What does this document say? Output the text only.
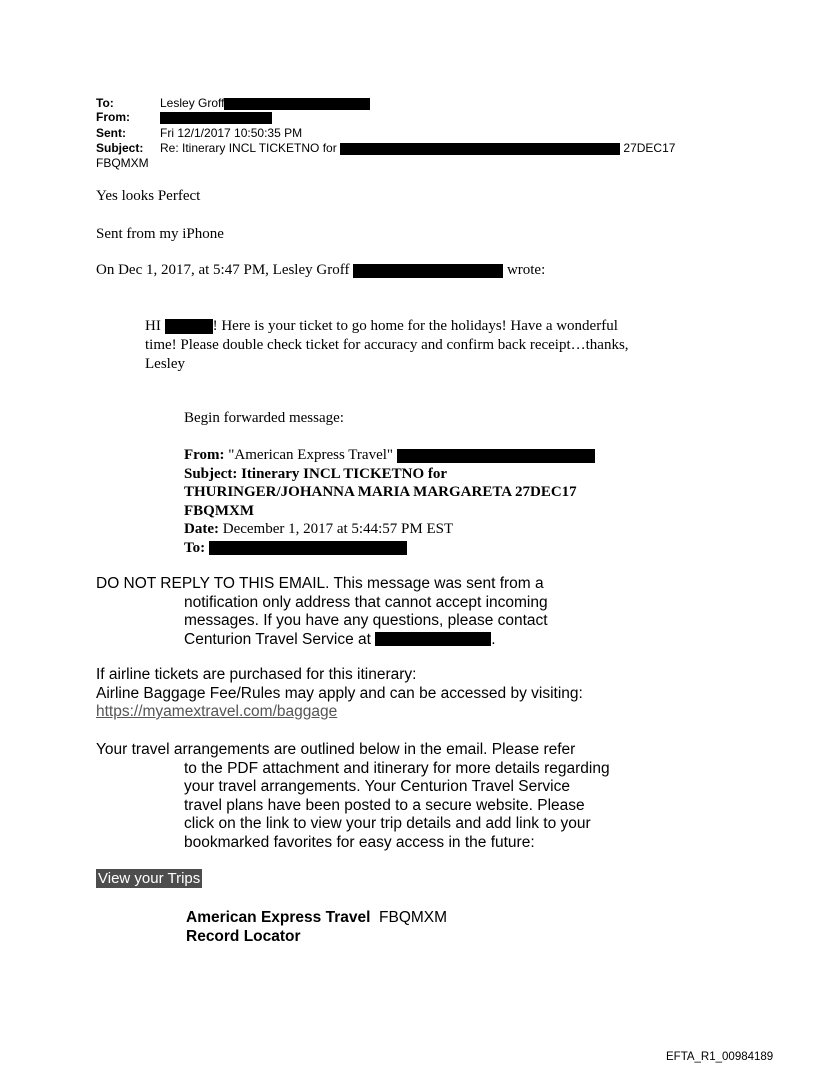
To:	Lesley Groff
From:
Sent:	Fri 12/1/2017 10:50:35 PM
Subject: Re: Itinerary INCL TICKETNO for	27DEC17
FBQMXM
Yes looks Perfect
Sent from my iPhone
On Dec 1, 2017, at 5:47 PM, Lesley Groff	wrote:
HI	! Here is your ticket to go home for the holidays! Have a wonderful
time! Please double check ticket for accuracy and confirm back receipt…thanks,
Lesley
Begin forwarded message:
From: "American Express Travel"
Subject: Itinerary INCL TICKETNO for
THURINGER/JOHANNA MARIA MARGARETA 27DEC17
FBQMXM
Date: December 1, 2017 at 5:44:57 PM EST
To:
DO NOT REPLY TO THIS EMAIL. This message was sent from a
notification only address that cannot accept incoming
messages. If you have any questions, please contact
Centurion Travel Service at	.
If airline tickets are purchased for this itinerary:
Airline Baggage Fee/Rules may apply and can be accessed by visiting:
https://myamextravel.com/baggage
Your travel arrangements are outlined below in the email. Please refer
to the PDF attachment and itinerary for more details regarding
your travel arrangements. Your Centurion Travel Service
travel plans have been posted to a secure website. Please
click on the link to view your trip details and add link to your
bookmarked favorites for easy access in the future:
View your Trips
American Express Travel FBQMXM
Record Locator
EFTA_R1_00984189
